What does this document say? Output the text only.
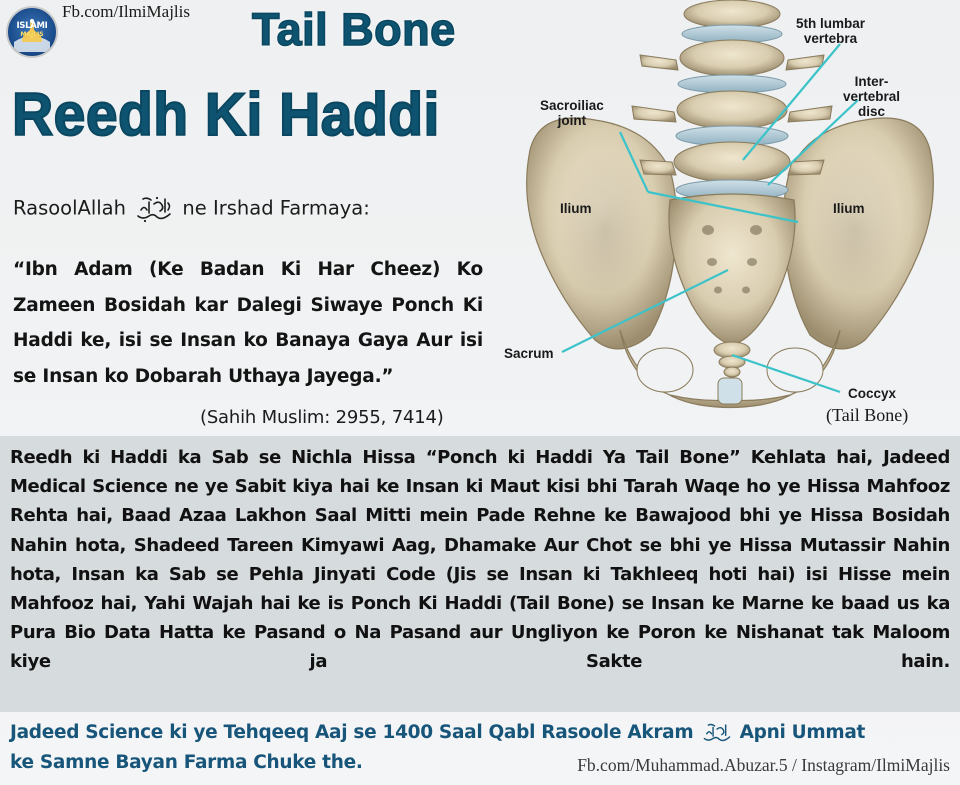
ISLAMI
MAJLIS
Fb.com/IlmiMajlis Tail Bone
Reedh Ki Haddi
RasoolAllah	ne Irshad Farmaya:
“Ibn Adam (Ke Badan Ki Har Cheez) Ko Zameen Bosidah kar Dalegi Siwaye Ponch Ki Haddi ke, isi se Insan ko Banaya Gaya Aur isi se Insan ko Dobarah Uthaya Jayega.”
(Sahih Muslim: 2955, 7414)
5th lumbar
vertebra
Inter-
vertebral
disc
Sacroiliac
joint
Ilium	Ilium
Sacrum
Coccyx
(Tail Bone)
Reedh ki Haddi ka Sab se Nichla Hissa “Ponch ki Haddi Ya Tail Bone” Kehlata hai, Jadeed Medical Science ne ye Sabit kiya hai ke Insan ki Maut kisi bhi Tarah Waqe ho ye Hissa Mahfooz Rehta hai, Baad Azaa Lakhon Saal Mitti mein Pade Rehne ke Bawajood bhi ye Hissa Bosidah Nahin hota, Shadeed Tareen Kimyawi Aag, Dhamake Aur Chot se bhi ye Hissa Mutassir Nahin hota, Insan ka Sab se Pehla Jinyati Code (Jis se Insan ki Takhleeq hoti hai) isi Hisse mein Mahfooz hai, Yahi Wajah hai ke is Ponch Ki Haddi (Tail Bone) se Insan ke Marne ke baad us ka Pura Bio Data Hatta ke Pasand o Na Pasand aur Ungliyon ke Poron ke Nishanat tak Maloom kiye ja Sakte hain.
Jadeed Science ki ye Tehqeeq Aaj se 1400 Saal Qabl Rasoole Akram	Apni Ummat
ke Samne Bayan Farma Chuke the.	Fb.com/Muhammad.Abuzar.5 / Instagram/IlmiMajlis
